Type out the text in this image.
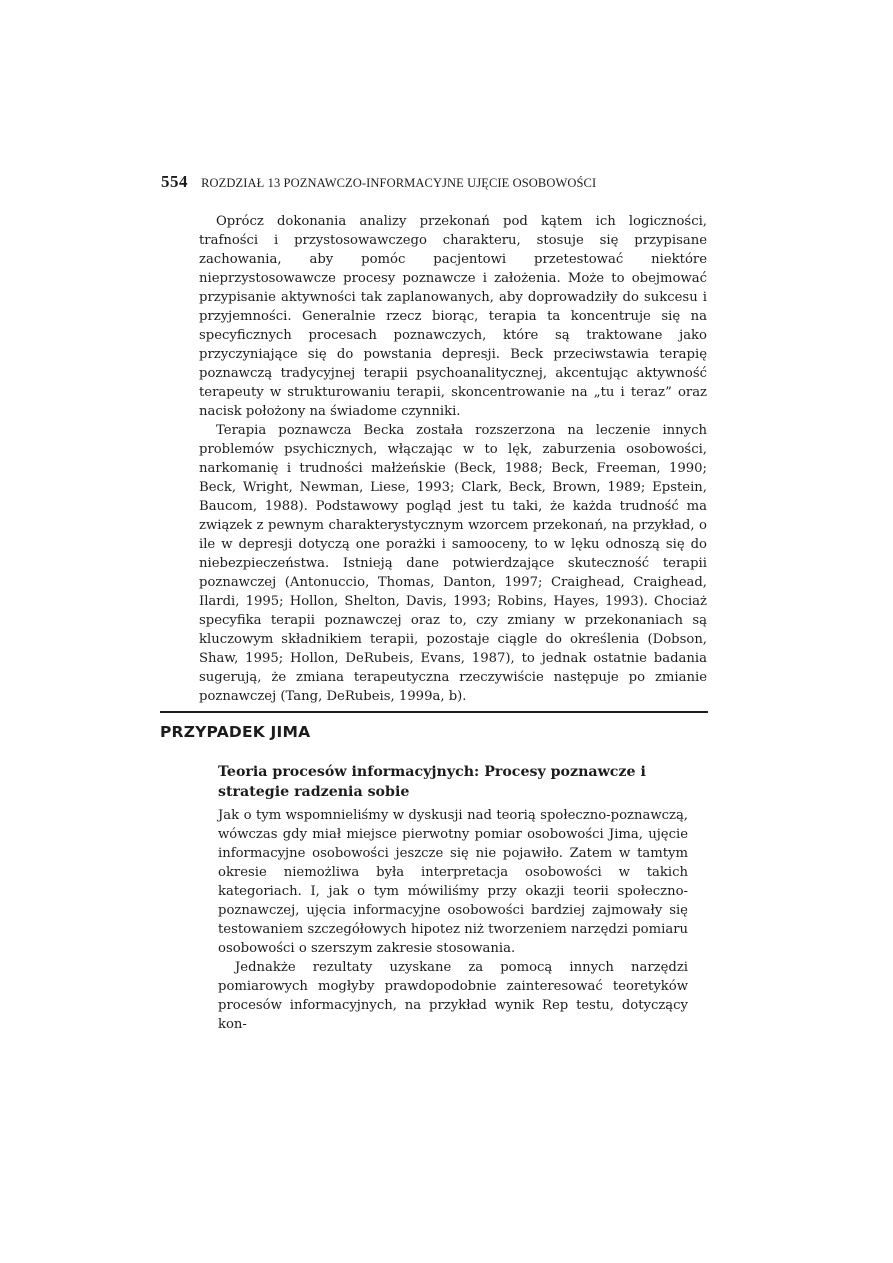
554 ROZDZIAŁ 13 POZNAWCZO-INFORMACYJNE UJĘCIE OSOBOWOŚCI

Oprócz dokonania analizy przekonań pod kątem ich logiczności, trafności i przystosowawczego charakteru, stosuje się przypisane zachowania, aby pomóc pacjentowi przetestować niektóre nieprzystosowawcze procesy poznawcze i założenia. Może to obejmować przypisanie aktywności tak zaplanowanych, aby doprowadziły do sukcesu i przyjemności. Generalnie rzecz biorąc, terapia ta koncentruje się na specyficznych procesach poznawczych, które są traktowane jako przyczyniające się do powstania depresji. Beck przeciwstawia terapię poznawczą tradycyjnej terapii psychoanalitycznej, akcentując aktywność terapeuty w strukturowaniu terapii, skoncentrowanie na „tu i teraz” oraz nacisk położony na świadome czynniki.

Terapia poznawcza Becka została rozszerzona na leczenie innych problemów psychicznych, włączając w to lęk, zaburzenia osobowości, narkomanię i trudności małżeńskie (Beck, 1988; Beck, Freeman, 1990; Beck, Wright, Newman, Liese, 1993; Clark, Beck, Brown, 1989; Epstein, Baucom, 1988). Podstawowy pogląd jest tu taki, że każda trudność ma związek z pewnym charakterystycznym wzorcem przekonań, na przykład, o ile w depresji dotyczą one porażki i samooceny, to w lęku odnoszą się do niebezpieczeństwa. Istnieją dane potwierdzające skuteczność terapii poznawczej (Antonuccio, Thomas, Danton, 1997; Craighead, Craighead, Ilardi, 1995; Hollon, Shelton, Davis, 1993; Robins, Hayes, 1993). Chociaż specyfika terapii poznawczej oraz to, czy zmiany w przekonaniach są kluczowym składnikiem terapii, pozostaje ciągle do określenia (Dobson, Shaw, 1995; Hollon, DeRubeis, Evans, 1987), to jednak ostatnie badania sugerują, że zmiana terapeutyczna rzeczywiście następuje po zmianie poznawczej (Tang, DeRubeis, 1999a, b).

PRZYPADEK JIMA
Teoria procesów informacyjnych: Procesy poznawcze i strategie radzenia sobie

Jak o tym wspomnieliśmy w dyskusji nad teorią społeczno-poznawczą, wówczas gdy miał miejsce pierwotny pomiar osobowości Jima, ujęcie informacyjne osobowości jeszcze się nie pojawiło. Zatem w tamtym okresie niemożliwa była interpretacja osobowości w takich kategoriach. I, jak o tym mówiliśmy przy okazji teorii społeczno-poznawczej, ujęcia informacyjne osobowości bardziej zajmowały się testowaniem szczegółowych hipotez niż tworzeniem narzędzi pomiaru osobowości o szerszym zakresie stosowania.

Jednakże rezultaty uzyskane za pomocą innych narzędzi pomiarowych mogłyby prawdopodobnie zainteresować teoretyków procesów informacyjnych, na przykład wynik Rep testu, dotyczący kon-
